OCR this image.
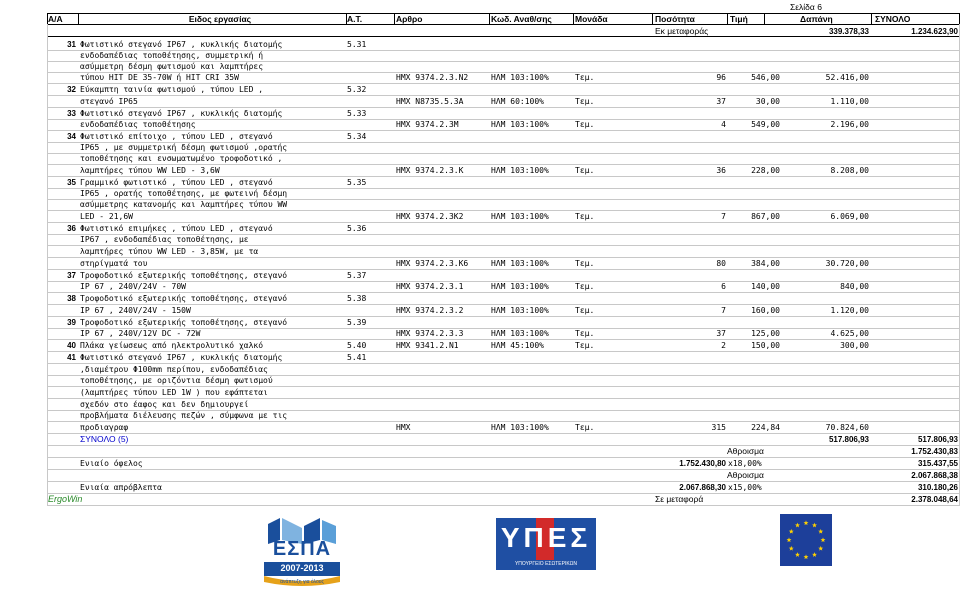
Σελίδα 6
Α/Α	Ειδος εργασίας	Α.Τ.	Αρθρο	Κωδ. Αναθ/σης	Μονάδα	Ποσότητα	Τιμή	Δαπάνη	ΣΥΝΟΛΟ
Εκ μεταφοράς	339.378,33	1.234.623,90
31 Φωτιστικό στεγανό IP67 , κυκλικής διατομής	5.31
ενδοδαπέδιας τοποθέτησης, συμμετρική ή
ασύμμετρη δέσμη φωτισμού και λαμπτήρες
τύπου HIT DE 35-70W ή HIT CRI 35W	ΗΜΧ 9374.2.3.Ν2	ΗΛΜ 103:100%	Τεμ.	96	546,00	52.416,00
32 Εύκαμπτη ταινία φωτισμού , τύπου LED ,	5.32
στεγανό IP65	ΗΜΧ Ν8735.5.3Α	ΗΛΜ 60:100%	Τεμ.	37	30,00	1.110,00
33 Φωτιστικό στεγανό IP67 , κυκλικής διατομής	5.33
ενδοδαπέδιας τοποθέτησης	ΗΜΧ 9374.2.3Μ	ΗΛΜ 103:100%	Τεμ.	4	549,00	2.196,00
34 Φωτιστικό επίτοιχο , τύπου LED , στεγανό	5.34
IP65 , με συμμετρική δέσμη φωτισμού ,ορατής
τοποθέτησης και ενσωματωμένο τροφοδοτικό ,
λαμπτήρες τύπου WW LED - 3,6W	ΗΜΧ 9374.2.3.Κ	ΗΛΜ 103:100%	Τεμ.	36	228,00	8.208,00
35 Γραμμικό φωτιστικό , τύπου LED , στεγανό	5.35
IP65 , ορατής τοποθέτησης, με φωτεινή δέσμη
ασύμμετρης κατανομής και λαμπτήρες τύπου WW
LED - 21,6W	ΗΜΧ 9374.2.3Κ2	ΗΛΜ 103:100%	Τεμ.	7	867,00	6.069,00
36 Φωτιστικό επιμήκες , τύπου LED , στεγανό	5.36
IP67 , ενδοδαπέδιας τοποθέτησης, με
λαμπτήρες τύπου WW LED - 3,85W, με τα
στηρίγματά του	ΗΜΧ 9374.2.3.Κ6	ΗΛΜ 103:100%	Τεμ.	80	384,00	30.720,00
37 Τροφοδοτικό εξωτερικής τοποθέτησης, στεγανό	5.37
IP 67 , 240V/24V - 70W	ΗΜΧ 9374.2.3.1	ΗΛΜ 103:100%	Τεμ.	6	140,00	840,00
38 Τροφοδοτικό εξωτερικής τοποθέτησης, στεγανό	5.38
IP 67 , 240V/24V - 150W	ΗΜΧ 9374.2.3.2	ΗΛΜ 103:100%	Τεμ.	7	160,00	1.120,00
39 Τροφοδοτικό εξωτερικής τοποθέτησης, στεγανό	5.39
IP 67 , 240V/12V DC - 72W	ΗΜΧ 9374.2.3.3	ΗΛΜ 103:100%	Τεμ.	37	125,00	4.625,00
40 Πλάκα γείωσεως από ηλεκτρολυτικό χαλκό	5.40	ΗΜΧ 9341.2.Ν1	ΗΛΜ 45:100%	Τεμ.	2	150,00	300,00
41 Φωτιστικό στεγανό IP67 , κυκλικής διατομής	5.41
,διαμέτρου Φ100mm περίπου, ενδοδαπέδιας
τοποθέτησης, με οριζόντια δέσμη φωτισμού
(λαμπτήρες τύπου LED 1W ) που εφάπτεται
σχεδόν στο έαφος και δεν δημιουργεί
προβλήματα διέλευσης πεζών , σύμφωνα με τις
προδιαγραφ	ΗΜΧ	ΗΛΜ 103:100%	Τεμ.	315	224,84	70.824,60
ΣΥΝΟΛΟ (5)	517.806,93	517.806,93
Αθροισμα	1.752.430,83
Ενιαίο όφελος	1.752.430,80 x18,00%	315.437,55
Αθροισμα	2.067.868,38
Ενιαία απρόβλεπτα	2.067.868,30 x15,00%	310.180,26
ErgoWin	Σε μεταφορά	2.378.048,64
ΕΣΠΑ
2007-2013
ανάπτυξη για όλους
ΥΠΕΣ
ΥΠΟΥΡΓΕΙΟ ΕΣΩΤΕΡΙΚΩΝ
